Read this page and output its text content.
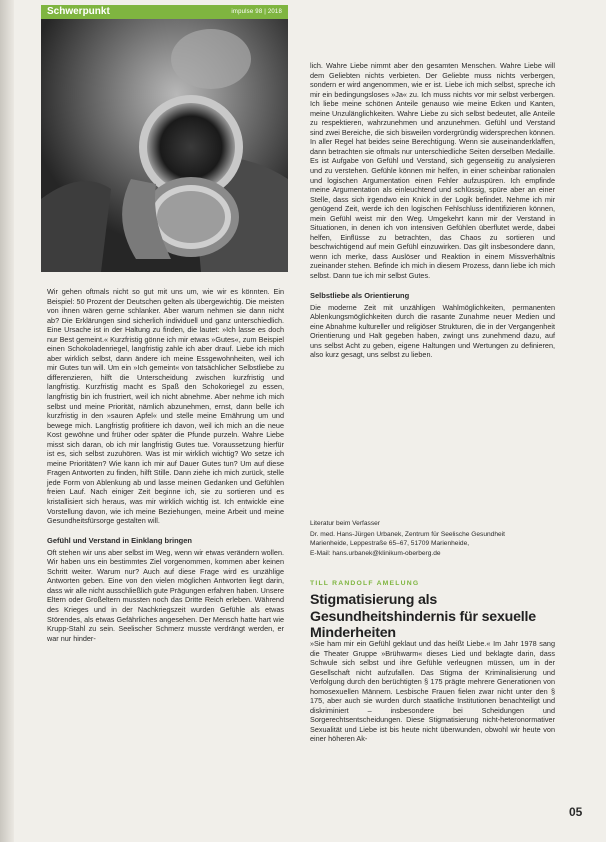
Schwerpunkt	impulse 98 | 2018

Wir gehen oftmals nicht so gut mit uns um, wie wir es könnten. Ein Beispiel: 50 Prozent der Deutschen gelten als übergewichtig. Die meisten von ihnen wären gerne schlanker. Aber warum nehmen sie dann nicht ab? Die Erklärungen sind sicherlich individuell und ganz unterschiedlich. Eine Ursache ist in der Haltung zu finden, die lautet: »Ich lasse es doch nur Best gemeint.« Kurzfristig gönne ich mir etwas »Gutes«, zum Beispiel einen Schokoladenriegel, langfristig zahle ich aber drauf. Liebe ich mich aber wirklich selbst, dann ändere ich meine Essgewohnheiten, weil ich mir Gutes tun will. Um ein »Ich gemeint« von tatsächlicher Selbstliebe zu differenzieren, hilft die Unterscheidung zwischen kurzfristig und langfristig. Kurzfristig macht es Spaß den Schokoriegel zu essen, langfristig bin ich frustriert, weil ich nicht abnehme. Aber nehme ich mich selbst und meine Priorität, nämlich abzunehmen, ernst, dann belle ich kurzfristig in den »sauren Apfel« und stelle meine Ernährung um und bewege mich. Langfristig profitiere ich davon, weil ich mich an die neue Kost gewöhne und früher oder später die Pfunde purzeln. Wahre Liebe misst sich daran, ob ich mir langfristig Gutes tue. Voraussetzung hierfür ist es, sich selbst zuzuhören. Was ist mir wirklich wichtig? Wo setze ich meine Prioritäten? Wie kann ich mir auf Dauer Gutes tun? Um auf diese Fragen Antworten zu finden, hilft Stille. Dann ziehe ich mich zurück, stelle jede Form von Ablenkung ab und lasse meinen Gedanken und Gefühlen freien Lauf. Nach einiger Zeit beginne ich, sie zu sortieren und es kristallisiert sich heraus, was mir wirklich wichtig ist. Ich entwickle eine Vorstellung davon, wie ich meine Beziehungen, meine Arbeit und meine Gesundheitsfürsorge gestalten will.

Gefühl und Verstand in Einklang bringen

Oft stehen wir uns aber selbst im Weg, wenn wir etwas verändern wollen. Wir haben uns ein bestimmtes Ziel vorgenommen, kommen aber keinen Schritt weiter. Warum nur? Auch auf diese Frage wird es unzählige Antworten geben. Eine von den vielen möglichen Antworten liegt darin, dass wir alle nicht ausschließlich gute Prägungen erfahren haben. Unsere Eltern oder Großeltern mussten noch das Dritte Reich erleben. Während des Krieges und in der Nachkriegszeit wurden Gefühle als etwas Störendes, als etwas Gefährliches angesehen. Der Mensch hatte hart wie Krupp-Stahl zu sein. Seelischer Schmerz musste verdrängt werden, er war nur hinder-

lich. Wahre Liebe nimmt aber den gesamten Menschen. Wahre Liebe will dem Geliebten nichts verbieten. Der Geliebte muss nichts verbergen, sondern er wird angenommen, wie er ist. Liebe ich mich selbst, spreche ich mir ein bedingungsloses »Ja« zu. Ich muss nichts vor mir selbst verbergen. Ich liebe meine schönen Anteile genauso wie meine Ecken und Kanten, meine Unzulänglichkeiten. Wahre Liebe zu sich selbst bedeutet, alle Anteile zu respektieren, wahrzunehmen und anzunehmen. Gefühl und Verstand sind zwei Bereiche, die sich bisweilen vordergründig widersprechen können. In aller Regel hat beides seine Berechtigung. Wenn sie auseinanderklaffen, dann betrachten sie oftmals nur unterschiedliche Seiten derselben Medaille. Es ist Aufgabe von Gefühl und Verstand, sich gegenseitig zu analysieren und zu verstehen. Gefühle können mir helfen, in einer scheinbar rationalen und logischen Argumentation einen Fehler aufzuspüren. Ich empfinde meine Argumentation als einleuchtend und schlüssig, spüre aber an einer Stelle, dass sich irgendwo ein Knick in der Logik befindet. Nehme ich mir genügend Zeit, werde ich den logischen Fehlschluss identifizieren können, mein Gefühl weist mir den Weg. Umgekehrt kann mir der Verstand in Situationen, in denen ich von intensiven Gefühlen überflutet werde, dabei helfen, Einflüsse zu betrachten, das Chaos zu sortieren und beschwichtigend auf mein Gefühl einzuwirken. Das gilt insbesondere dann, wenn ich merke, dass Auslöser und Reaktion in einem Missverhältnis zueinander stehen. Befinde ich mich in diesem Prozess, dann liebe ich mich selbst. Dann tue ich mir selbst Gutes.

Selbstliebe als Orientierung

Die moderne Zeit mit unzähligen Wahlmöglichkeiten, permanenten Ablenkungsmöglichkeiten durch die rasante Zunahme neuer Medien und eine Abnahme kultureller und religiöser Strukturen, die in der Vergangenheit Orientierung und Halt gegeben haben, zwingt uns zunehmend dazu, auf uns selbst Acht zu geben, eigene Haltungen und Wertungen zu definieren, also kurz gesagt, uns selbst zu lieben.

Literatur beim Verfasser
Dr. med. Hans-Jürgen Urbanek, Zentrum für Seelische Gesundheit
Marienheide, Leppestraße 65–67, 51709 Marienheide,
E-Mail: hans.urbanek@klinikum-oberberg.de
TILL RANDOLF AMELUNG
Stigmatisierung als Gesundheitshindernis für sexuelle Minderheiten

»Sie ham mir ein Gefühl geklaut und das heißt Liebe.« Im Jahr 1978 sang die Theater Gruppe »Brühwarm« dieses Lied und beklagte darin, dass Schwule sich selbst und ihre Gefühle verleugnen müssen, um in der Gesellschaft nicht aufzufallen. Das Stigma der Kriminalisierung und Verfolgung durch den berüchtigten § 175 prägte mehrere Generationen von homosexuellen Männern. Lesbische Frauen fielen zwar nicht unter den § 175, aber auch sie wurden durch staatliche Institutionen benachteiligt und diskriminiert – insbesondere bei Scheidungen und Sorgerechtsentscheidungen. Diese Stigmatisierung nicht-heteronormativer Sexualität und Liebe ist bis heute nicht überwunden, obwohl wir heute von einer höheren Ak-

05
